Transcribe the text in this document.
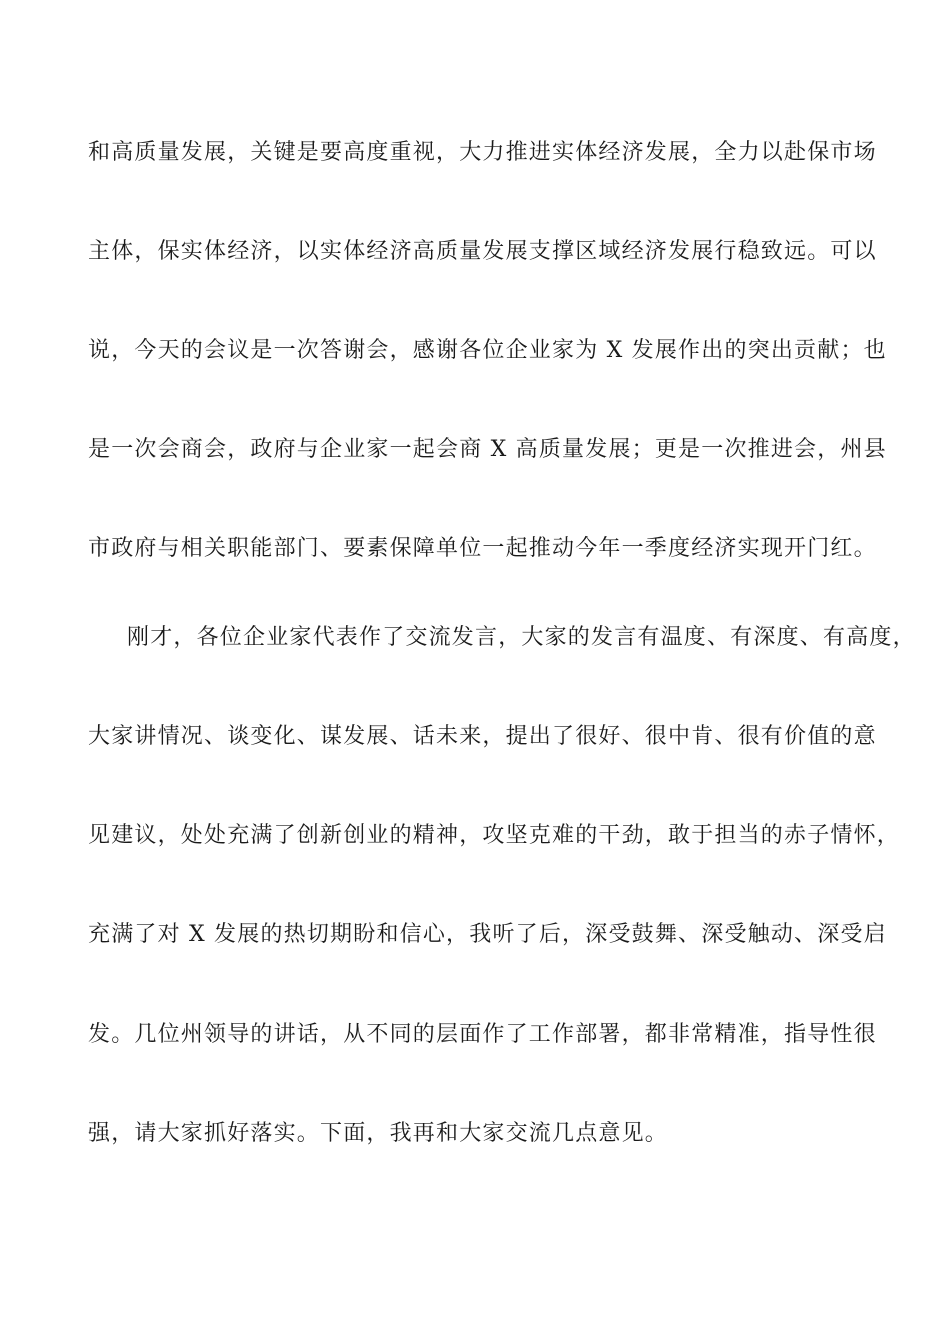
和高质量发展，关键是要高度重视，大力推进实体经济发展，全力以赴保市场
主体，保实体经济，以实体经济高质量发展支撑区域经济发展行稳致远。可以
说，今天的会议是一次答谢会，感谢各位企业家为 X 发展作出的突出贡献；也
是一次会商会，政府与企业家一起会商 X 高质量发展；更是一次推进会，州县
市政府与相关职能部门、要素保障单位一起推动今年一季度经济实现开门红。
刚才，各位企业家代表作了交流发言，大家的发言有温度、有深度、有高度，
大家讲情况、谈变化、谋发展、话未来，提出了很好、很中肯、很有价值的意
见建议，处处充满了创新创业的精神，攻坚克难的干劲，敢于担当的赤子情怀，
充满了对 X 发展的热切期盼和信心，我听了后，深受鼓舞、深受触动、深受启
发。几位州领导的讲话，从不同的层面作了工作部署，都非常精准，指导性很
强，请大家抓好落实。下面，我再和大家交流几点意见。
